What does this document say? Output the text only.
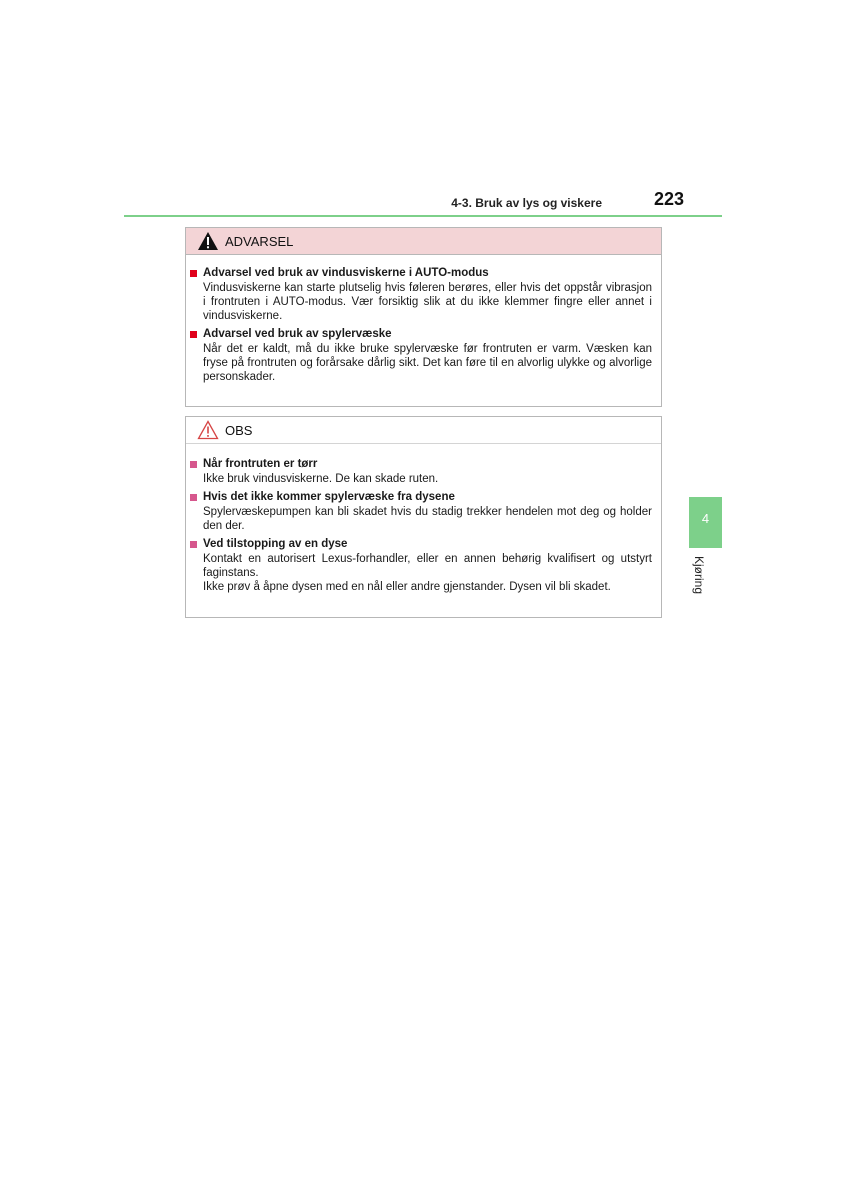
4-3. Bruk av lys og viskere	223
4
Kjøring
ADVARSEL
Advarsel ved bruk av vindusviskerne i AUTO-modus
Vindusviskerne kan starte plutselig hvis føleren berøres, eller hvis det oppstår vibrasjon i frontruten i AUTO-modus. Vær forsiktig slik at du ikke klemmer fingre eller annet i vindusviskerne.
Advarsel ved bruk av spylervæske
Når det er kaldt, må du ikke bruke spylervæske før frontruten er varm. Væsken kan fryse på frontruten og forårsake dårlig sikt. Det kan føre til en alvorlig ulykke og alvorlige personskader.
OBS
Når frontruten er tørr
Ikke bruk vindusviskerne. De kan skade ruten.
Hvis det ikke kommer spylervæske fra dysene
Spylervæskepumpen kan bli skadet hvis du stadig trekker hendelen mot deg og holder den der.
Ved tilstopping av en dyse
Kontakt en autorisert Lexus-forhandler, eller en annen behørig kvalifisert og utstyrt faginstans.
Ikke prøv å åpne dysen med en nål eller andre gjenstander. Dysen vil bli skadet.
